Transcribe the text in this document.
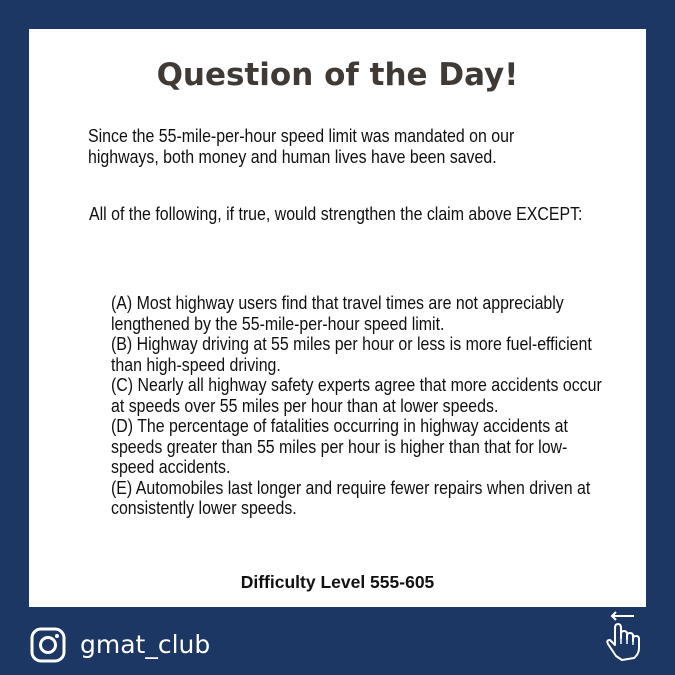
Question of the Day!

Since the 55-mile-per-hour speed limit was mandated on our highways, both money and human lives have been saved.

All of the following, if true, would strengthen the claim above EXCEPT:

(A) Most highway users find that travel times are not appreciably lengthened by the 55-mile-per-hour speed limit.
(B) Highway driving at 55 miles per hour or less is more fuel-efficient than high-speed driving.
(C) Nearly all highway safety experts agree that more accidents occur at speeds over 55 miles per hour than at lower speeds.
(D) The percentage of fatalities occurring in highway accidents at speeds greater than 55 miles per hour is higher than that for low-speed accidents.
(E) Automobiles last longer and require fewer repairs when driven at consistently lower speeds.
Difficulty Level 555-605
gmat_club
